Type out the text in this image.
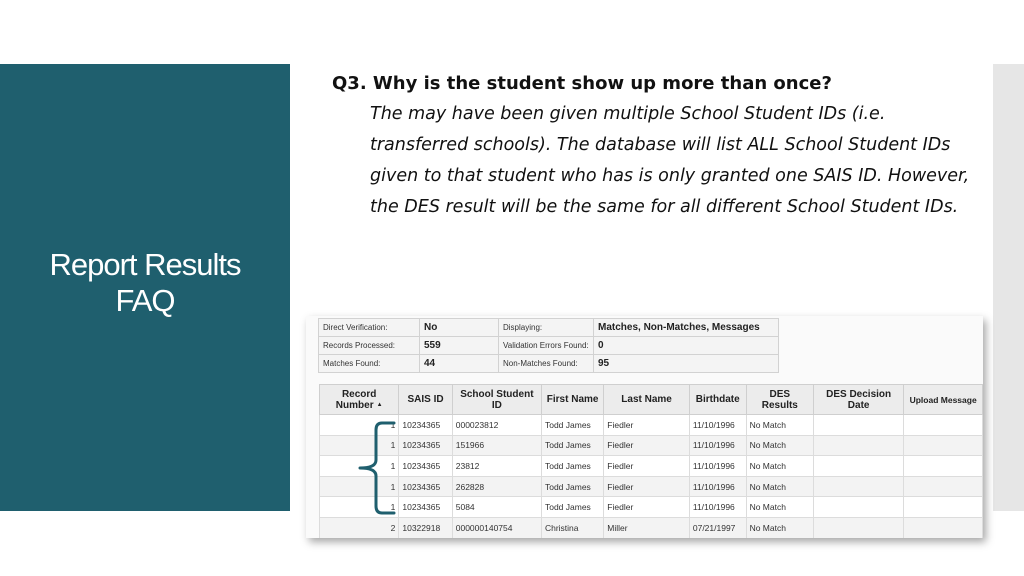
Report Results
FAQ
Q3. Why is the student show up more than once?
The may have been given multiple School Student IDs (i.e. transferred schools). The database will list ALL School Student IDs given to that student who has is only granted one SAIS ID. However, the DES result will be the same for all different School Student IDs.
Direct Verification:	No	Displaying:	Matches, Non-Matches, Messages
Records Processed:	559	Validation Errors Found:	0
Matches Found:	44	Non-Matches Found:	95
Record Number ▲	SAIS ID	School Student ID	First Name	Last Name	Birthdate	DES Results	DES Decision Date	Upload Message
1	10234365	000023812	Todd James	Fiedler	11/10/1996	No Match		
1	10234365	151966	Todd James	Fiedler	11/10/1996	No Match		
1	10234365	23812	Todd James	Fiedler	11/10/1996	No Match		
1	10234365	262828	Todd James	Fiedler	11/10/1996	No Match		
1	10234365	5084	Todd James	Fiedler	11/10/1996	No Match		
2	10322918	000000140754	Christina	Miller	07/21/1997	No Match		
